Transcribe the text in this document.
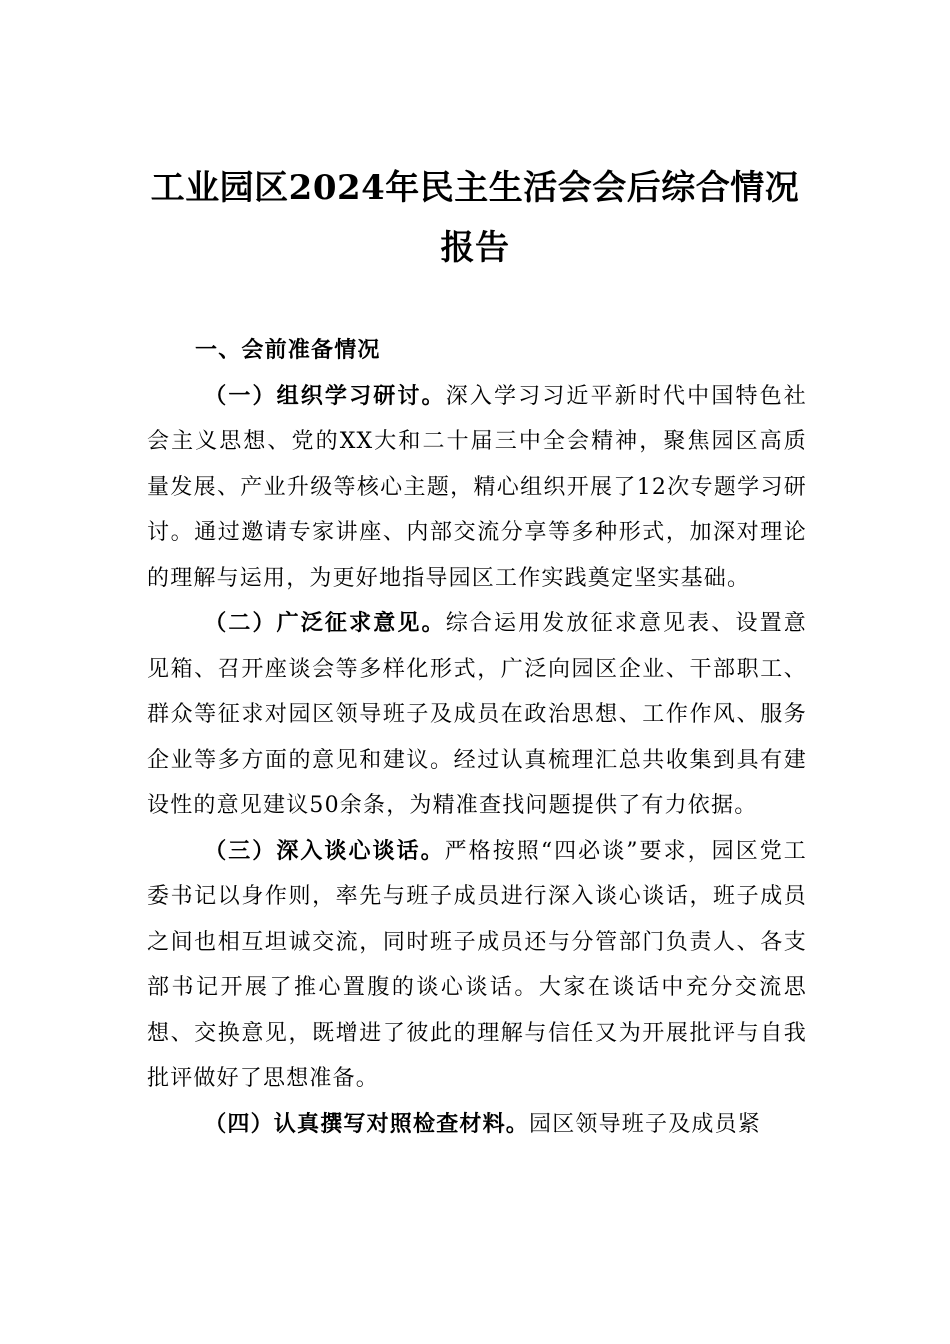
工业园区2024年民主生活会会后综合情况
报告

一、会前准备情况

（一）组织学习研讨。深入学习习近平新时代中国特色社会主义思想、党的XX大和二十届三中全会精神，聚焦园区高质量发展、产业升级等核心主题，精心组织开展了12次专题学习研讨。通过邀请专家讲座、内部交流分享等多种形式，加深对理论的理解与运用，为更好地指导园区工作实践奠定坚实基础。

（二）广泛征求意见。综合运用发放征求意见表、设置意见箱、召开座谈会等多样化形式，广泛向园区企业、干部职工、群众等征求对园区领导班子及成员在政治思想、工作作风、服务企业等多方面的意见和建议。经过认真梳理汇总共收集到具有建设性的意见建议50余条，为精准查找问题提供了有力依据。

（三）深入谈心谈话。严格按照“四必谈”要求，园区党工委书记以身作则，率先与班子成员进行深入谈心谈话，班子成员之间也相互坦诚交流，同时班子成员还与分管部门负责人、各支部书记开展了推心置腹的谈心谈话。大家在谈话中充分交流思想、交换意见，既增进了彼此的理解与信任又为开展批评与自我批评做好了思想准备。

（四）认真撰写对照检查材料。园区领导班子及成员紧
